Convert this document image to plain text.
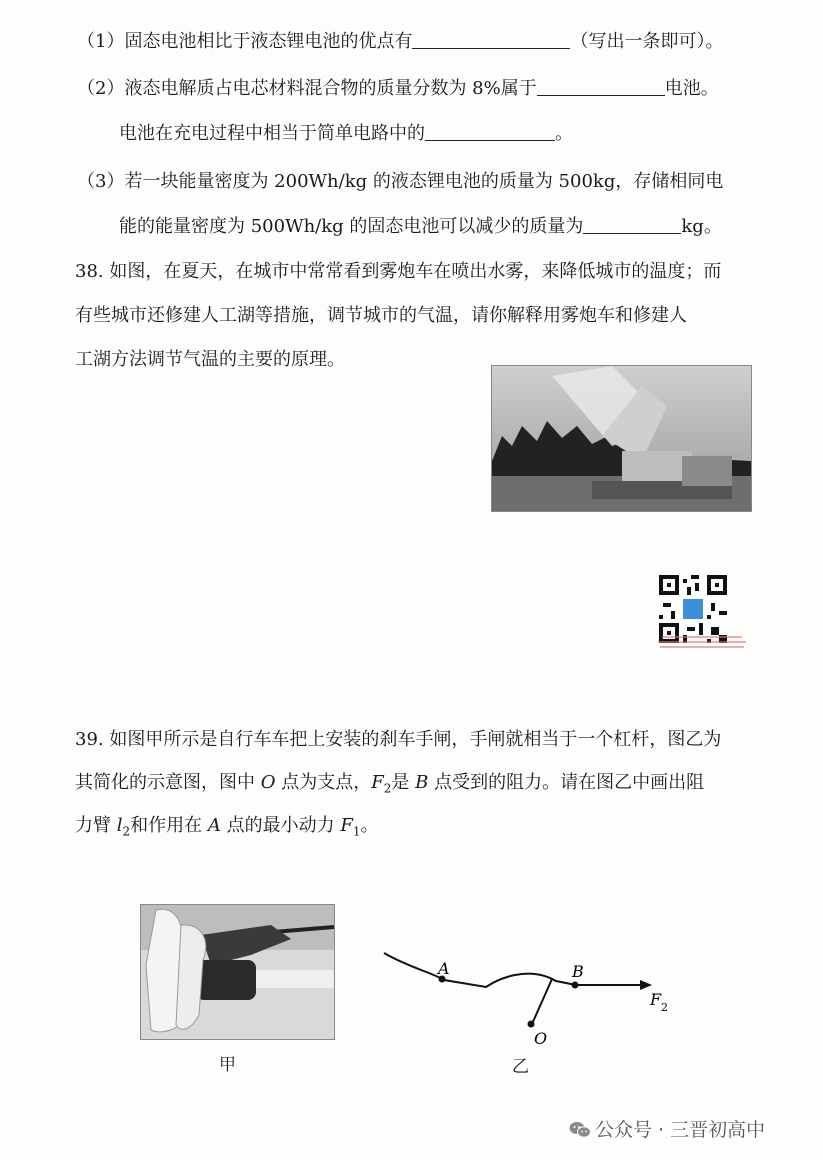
（1）固态电池相比于液态锂电池的优点有	（写出一条即可）。
（2）液态电解质占电芯材料混合物的质量分数为 8%属于	电池。
电池在充电过程中相当于简单电路中的	。
（3）若一块能量密度为 200Wh/kg 的液态锂电池的质量为 500kg，存储相同电
能的能量密度为 500Wh/kg 的固态电池可以减少的质量为	kg。
38. 如图，在夏天，在城市中常常看到雾炮车在喷出水雾，来降低城市的温度；而
有些城市还修建人工湖等措施，调节城市的气温，请你解释用雾炮车和修建人
工湖方法调节气温的主要的原理。
39. 如图甲所示是自行车车把上安装的刹车手闸，手闸就相当于一个杠杆，图乙为
其简化的示意图，图中 O 点为支点，$F_2$是 B 点受到的阻力。请在图乙中画出阻
力臂 $l_2$和作用在 A 点的最小动力 $F_1$。
A	B
O
F 2
甲	乙
公众号 · 三晋初高中
